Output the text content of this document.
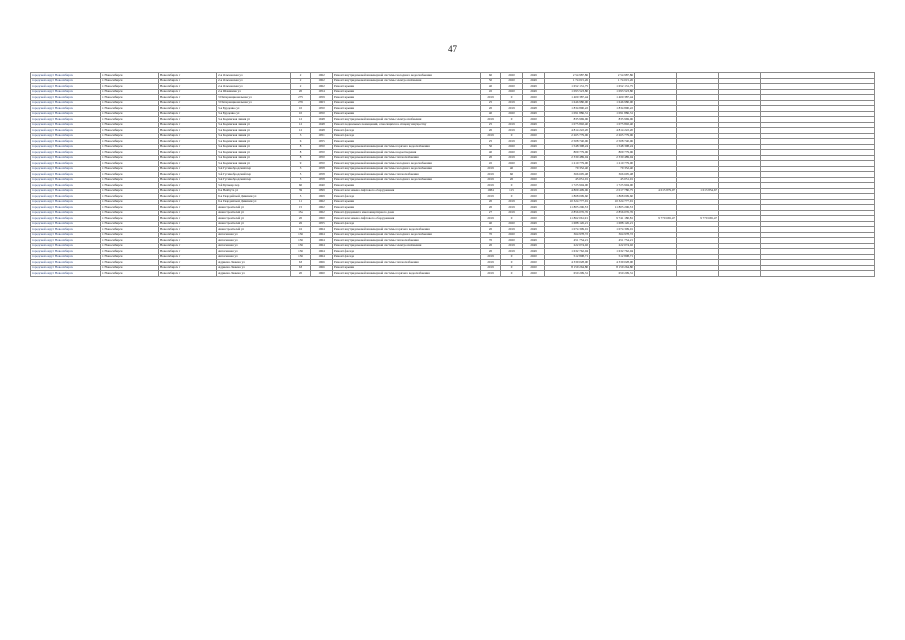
47
городской округ Новосибирск	г. Новосибирск	Новосибирск г	2-я Ольховская ул	2	1962	Ремонт внутридомовой инженерной системы холодного водоснабжения	60	2020	2049	2 54 987,86	2 54 987,86				
городской округ Новосибирск	г. Новосибирск	Новосибирск г	2-я Ольховская ул	2	1962	Ремонт внутридомовой инженерной системы электроснабжения	50	2020	2049	1 74 015,26	1 74 015,26				
городской округ Новосибирск	г. Новосибирск	Новосибирск г	2-я Ольховская ул	2	1962	Ремонт крыши	40	2020	2049	1 652 131,75	1 652 131,75				
городской округ Новосибирск	г. Новосибирск	Новосибирск г	2-я Шамшина ул	20	1954	Ремонт крыши	45	2020	2049	1 093 523,80	1 093 523,80				
городской округ Новосибирск	г. Новосибирск	Новосибирск г	3 Интернациональная ул	275	1959	Ремонт крыши	2019	0	2020	1 400 387,44	1 400 387,44				
городской округ Новосибирск	г. Новосибирск	Новосибирск г	3 Интернациональная ул	276	1963	Ремонт крыши	25	2019	2049	1 646 980,00	1 646 980,00				
городской округ Новосибирск	г. Новосибирск	Новосибирск г	3-я Бурденко ул	10	1950	Ремонт крыши	20	2019	2048	1 834 890,22	1 834 890,22				
городской округ Новосибирск	г. Новосибирск	Новосибирск г	3-я Бурденко ул	10	1950	Ремонт крыши	40	2020	2049	1 091 886,31	1 091 886,31				
городской округ Новосибирск	г. Новосибирск	Новосибирск г	3-я Кодинская линия ул	12	1948	Ремонт внутридомовой инженерной системы электроснабжения	2019	0	2020	835 969,06	835 969,06				
городской округ Новосибирск	г. Новосибирск	Новосибирск г	3-я Кодинская линия ул	12	1948	Ремонт подвальных помещений, относящихся к общему имуществу	25	2019	2049	1 075 802,40	1 075 802,40				
городской округ Новосибирск	г. Новосибирск	Новосибирск г	3-я Кодинская линия ул	12	1948	Ремонт фасада	20	2019	2049	4 814 222,20	4 814 222,20				
городской округ Новосибирск	г. Новосибирск	Новосибирск г	3-я Кодинская линия ул	3	1951	Ремонт фасада	2019	0	2020	2 265 779,06	2 265 779,06				
городской округ Новосибирск	г. Новосибирск	Новосибирск г	3-я Кодинская линия ул	6	1955	Ремонт крыши	25	2019	2049	2 508 740,06	2 508 740,06				
городской округ Новосибирск	г. Новосибирск	Новосибирск г	3-я Кодинская линия ул	8	1950	Ремонт внутридомовой инженерной системы горячего водоснабжения	50	2020	2049	1 548 398,24	1 548 398,24				
городской округ Новосибирск	г. Новосибирск	Новосибирск г	3-я Кодинская линия ул	8	1950	Ремонт внутридомовой инженерной системы водоотведения	40	2020	2049	809 779,06	809 779,06				
городской округ Новосибирск	г. Новосибирск	Новосибирск г	3-я Кодинская линия ул	8	1950	Ремонт внутридомовой инженерной системы теплоснабжения	20	2019	2049	2 330 489,04	2 330 489,04				
городской округ Новосибирск	г. Новосибирск	Новосибирск г	3-я Кодинская линия ул	9	1950	Ремонт внутридомовой инженерной системы холодного водоснабжения	45	2020	2049	1 210 779,00	1 210 779,00				
городской округ Новосибирск	г. Новосибирск	Новосибирск г	3-й Гусинобродский пер	3	1958	Ремонт внутридомовой инженерной системы холодного водоснабжения	2019	40	2020	79 352,40	79 352,40				
городской округ Новосибирск	г. Новосибирск	Новосибирск г	3-й Гусинобродский пер	5	1958	Ремонт внутридомовой инженерной системы теплоснабжения	2019	60	2020	366 605,48	366 605,48				
городской округ Новосибирск	г. Новосибирск	Новосибирск г	3-й Гусинобродский пер	5	1958	Ремонт внутридомовой инженерной системы холодного водоснабжения	2019	20	2020	45 051,01	45 051,01				
городской округ Новосибирск	г. Новосибирск	Новосибирск г	3-й Бульвар пер	60	1940	Ремонт крыши	2019	0	2020	1 725 904,00	1 725 904,00				
городской округ Новосибирск	г. Новосибирск	Новосибирск г	9-я Нейбута ул	39	1999	Ремонт или замена лифтового оборудования	1984	115	2019	4 809 409,06	2 017 780,75	4 015 879,07	1 013 854,67		
городской округ Новосибирск	г. Новосибирск	Новосибирск г	9-я Гвардейской Дивизии ул	5	1969	Ремонт фасада	2019	0	2020	1 868 009,60	1 868 009,60				
городской округ Новосибирск	г. Новосибирск	Новосибирск г	9-я Гвардейской Дивизии ул	11	1962	Ремонт крыши	20	2019	2049	10 324 777,91	10 324 777,91				
городской округ Новосибирск	г. Новосибирск	Новосибирск г	Авиастроителей ул	15	1962	Ремонт крыши	20	2019	2049	11 805 206,53	11 805 206,53				
городской округ Новосибирск	г. Новосибирск	Новосибирск г	Авиастроителей ул	13а	1962	Ремонт фундамента многоквартирного дома	27	2019	2049	2 856 076,76	2 856 076,76				
городской округ Новосибирск	г. Новосибирск	Новосибирск г	Авиастроителей ул	20	1960	Ремонт или замена лифтового оборудования	2019	0	2020	11 862 061,91	9 741 180,81	9 770 665,47	9 770 665,47		
городской округ Новосибирск	г. Новосибирск	Новосибирск г	Авиастроителей ул	26	1955	Ремонт фасада	40	2020	2049	1 688 126,21	1 688 126,21				
городской округ Новосибирск	г. Новосибирск	Новосибирск г	Авиастроителей ул	16	1964	Ремонт внутридомовой инженерной системы горячего водоснабжения	20	2019	2049	1 074 309,01	1 074 309,01				
городской округ Новосибирск	г. Новосибирск	Новосибирск г	Автогенная ул	136	1964	Ремонт внутридомовой инженерной системы холодного водоснабжения	70	2020	2049	364 978,72	364 978,72				
городской округ Новосибирск	г. Новосибирск	Новосибирск г	Автогенная ул	136	1964	Ремонт внутридомовой инженерной системы теплоснабжения	70	2020	2049	451 754,21	451 754,21				
городской округ Новосибирск	г. Новосибирск	Новосибирск г	Автогенная ул	136	1964	Ремонт внутридомовой инженерной системы электроснабжения	20	2019	2049	222 074,02	222 074,02				
городской округ Новосибирск	г. Новосибирск	Новосибирск г	Автогенная ул	136	1964	Ремонт фасада	20	2019	2049	1 632 762,04	1 632 762,04				
городской округ Новосибирск	г. Новосибирск	Новосибирск г	Автогенная ул	136	1964	Ремонт фасада	2019	0	2020	512 808,71	512 808,71				
городской округ Новосибирск	г. Новосибирск	Новосибирск г	Адриена Лежена ул	63	1966	Ремонт внутридомовой инженерной системы теплоснабжения	2019	0	2020	4 339 028,00	4 339 028,00				
городской округ Новосибирск	г. Новосибирск	Новосибирск г	Адриена Лежена ул	63	1966	Ремонт крыши	2019	0	2020	8 159 264,80	8 159 264,80				
городской округ Новосибирск	г. Новосибирск	Новосибирск г	Адриена Лежена ул	20	1960	Ремонт внутридомовой инженерной системы горячего водоснабжения	2019	0	2020	650 209,31	650 209,31				
